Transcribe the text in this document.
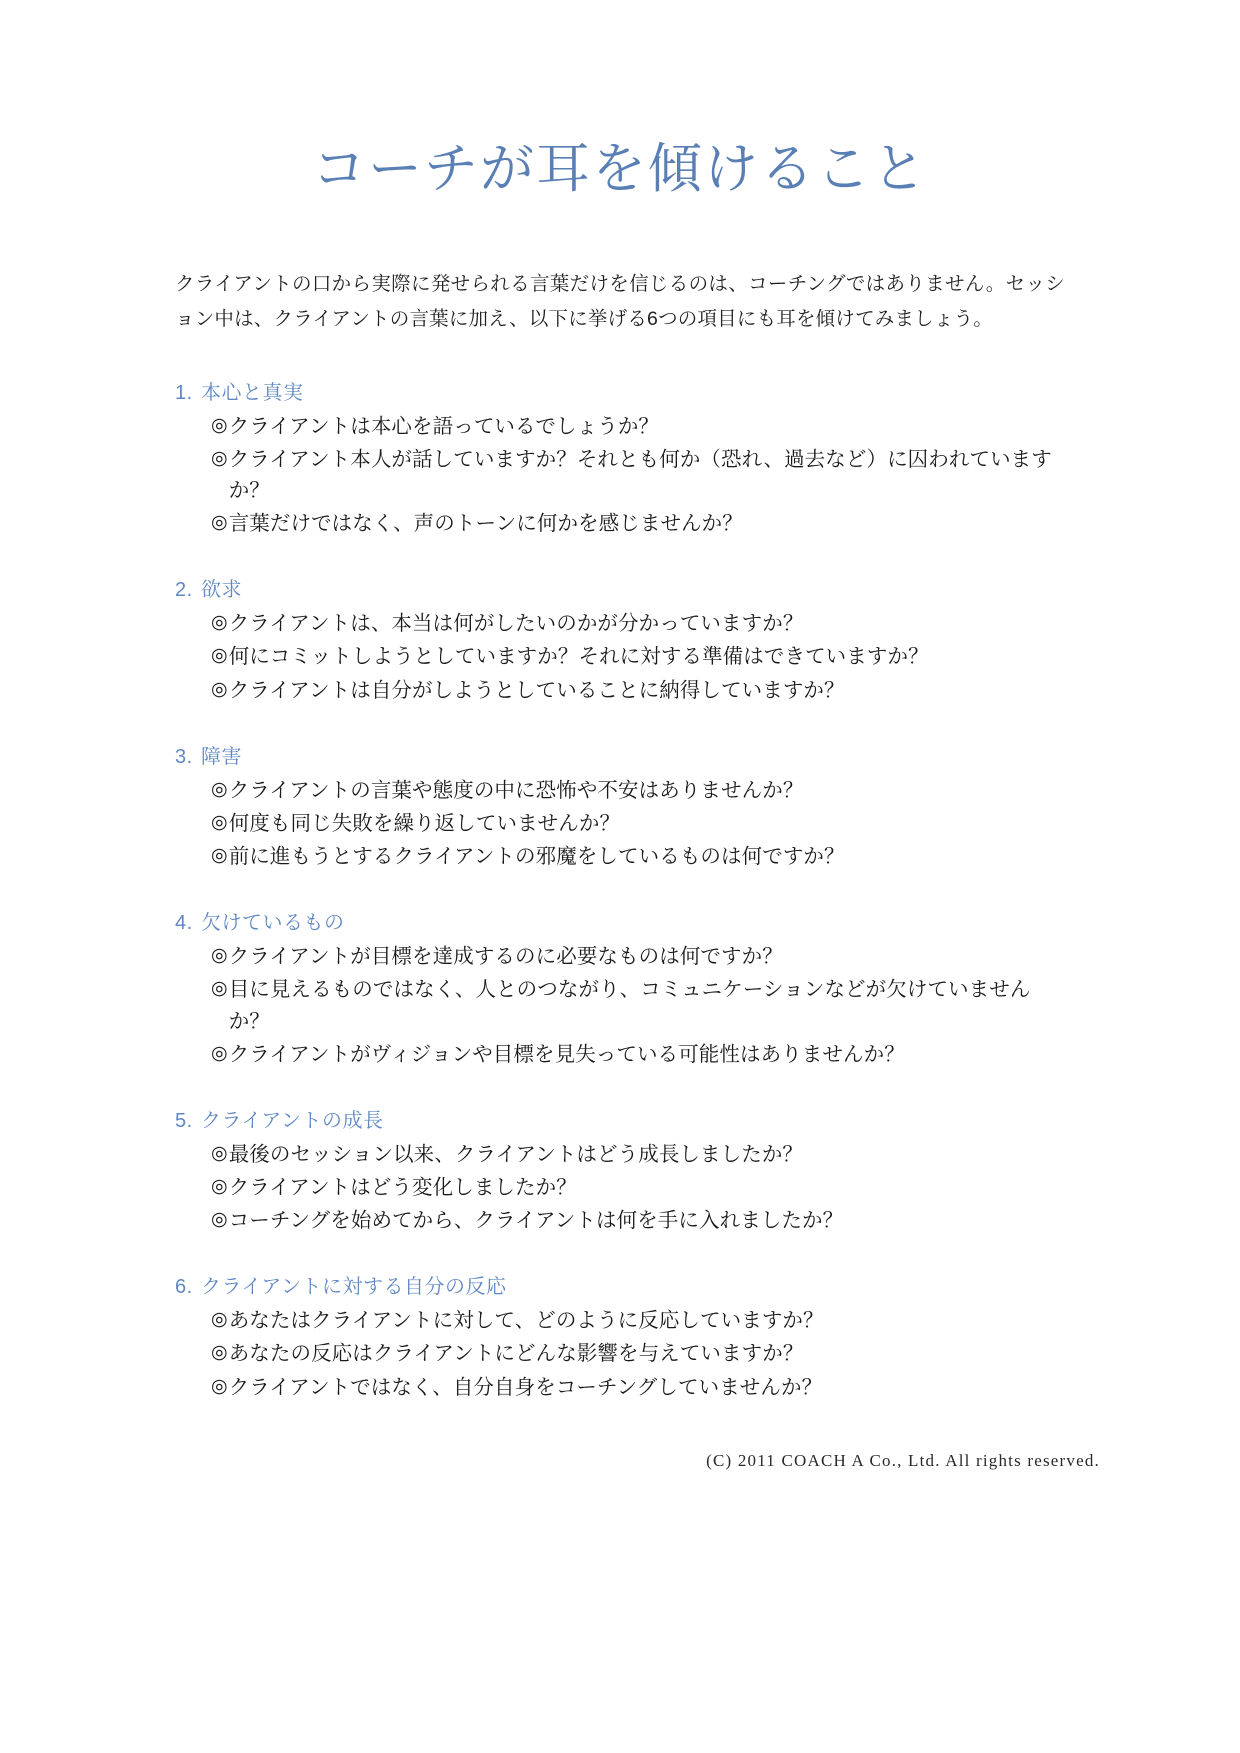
コーチが耳を傾けること

クライアントの口から実際に発せられる言葉だけを信じるのは、コーチングではありません。セッション中は、クライアントの言葉に加え、以下に挙げる6つの項目にも耳を傾けてみましょう。

1. 本心と真実
◎ クライアントは本心を語っているでしょうか？
◎ クライアント本人が話していますか？それとも何か（恐れ、過去など）に囚われていますか？
◎ 言葉だけではなく、声のトーンに何かを感じませんか？
2. 欲求
◎ クライアントは、本当は何がしたいのかが分かっていますか？
◎ 何にコミットしようとしていますか？それに対する準備はできていますか？
◎ クライアントは自分がしようとしていることに納得していますか？
3. 障害
◎ クライアントの言葉や態度の中に恐怖や不安はありませんか？
◎ 何度も同じ失敗を繰り返していませんか？
◎ 前に進もうとするクライアントの邪魔をしているものは何ですか？
4. 欠けているもの
◎ クライアントが目標を達成するのに必要なものは何ですか？
◎ 目に見えるものではなく、人とのつながり、コミュニケーションなどが欠けていませんか？
◎ クライアントがヴィジョンや目標を見失っている可能性はありませんか？
5. クライアントの成長
◎ 最後のセッション以来、クライアントはどう成長しましたか？
◎ クライアントはどう変化しましたか？
◎ コーチングを始めてから、クライアントは何を手に入れましたか？
6. クライアントに対する自分の反応
◎ あなたはクライアントに対して、どのように反応していますか？
◎ あなたの反応はクライアントにどんな影響を与えていますか？
◎ クライアントではなく、自分自身をコーチングしていませんか？
(C) 2011 COACH A Co., Ltd. All rights reserved.
